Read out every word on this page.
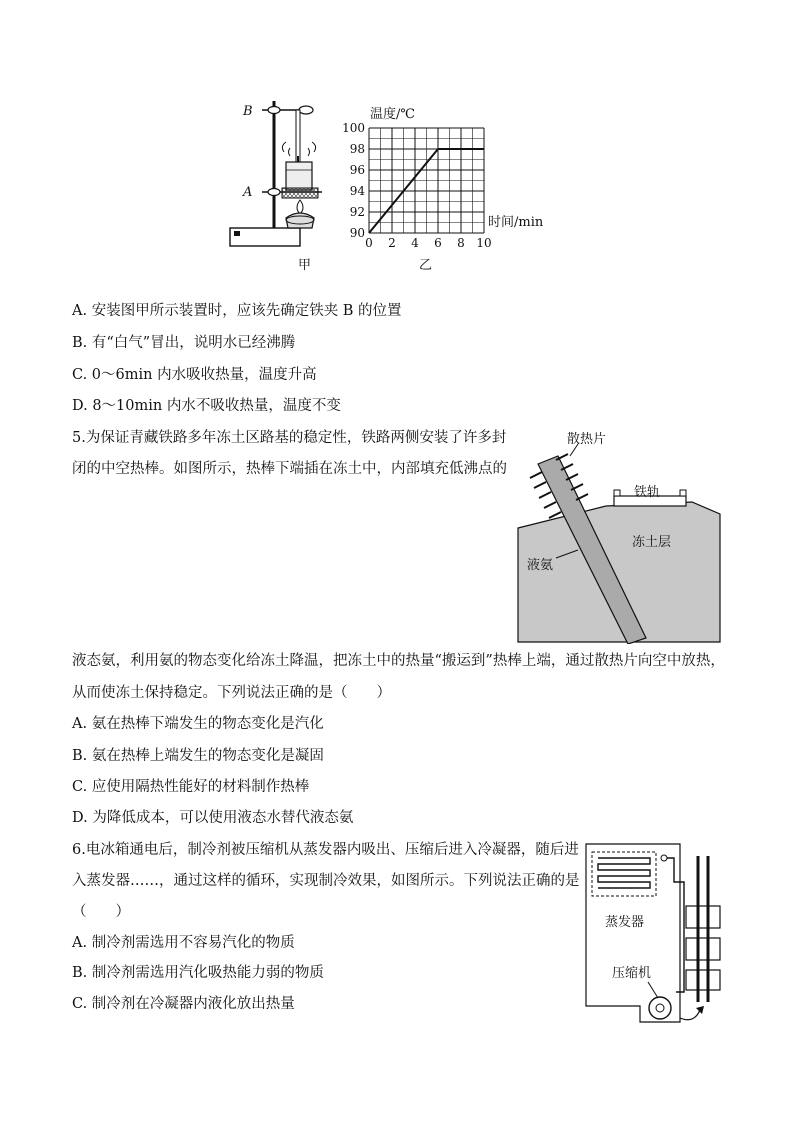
B
A
甲
0 2 4 6 8 10
90
92
94
96
98
100
温度/℃
时间/min
乙
A. 安装图甲所示装置时，应该先确定铁夹 B 的位置
B. 有“白气”冒出，说明水已经沸腾
C. 0～6min 内水吸收热量，温度升高
D. 8～10min 内水不吸收热量，温度不变
5.为保证青藏铁路多年冻土区路基的稳定性，铁路两侧安装了许多封
闭的中空热棒。如图所示，热棒下端插在冻土中，内部填充低沸点的
散热片
铁轨
冻土层
液氨
液态氨，利用氨的物态变化给冻土降温，把冻土中的热量“搬运到”热棒上端，通过散热片向空中放热，
从而使冻土保持稳定。下列说法正确的是（　　）
A. 氨在热棒下端发生的物态变化是汽化
B. 氨在热棒上端发生的物态变化是凝固
C. 应使用隔热性能好的材料制作热棒
D. 为降低成本，可以使用液态水替代液态氨
6.电冰箱通电后，制冷剂被压缩机从蒸发器内吸出、压缩后进入冷凝器，随后进
入蒸发器……，通过这样的循环，实现制冷效果，如图所示。下列说法正确的是
（　　）
A. 制冷剂需选用不容易汽化的物质
B. 制冷剂需选用汽化吸热能力弱的物质
C. 制冷剂在冷凝器内液化放出热量
蒸发器
压缩机
